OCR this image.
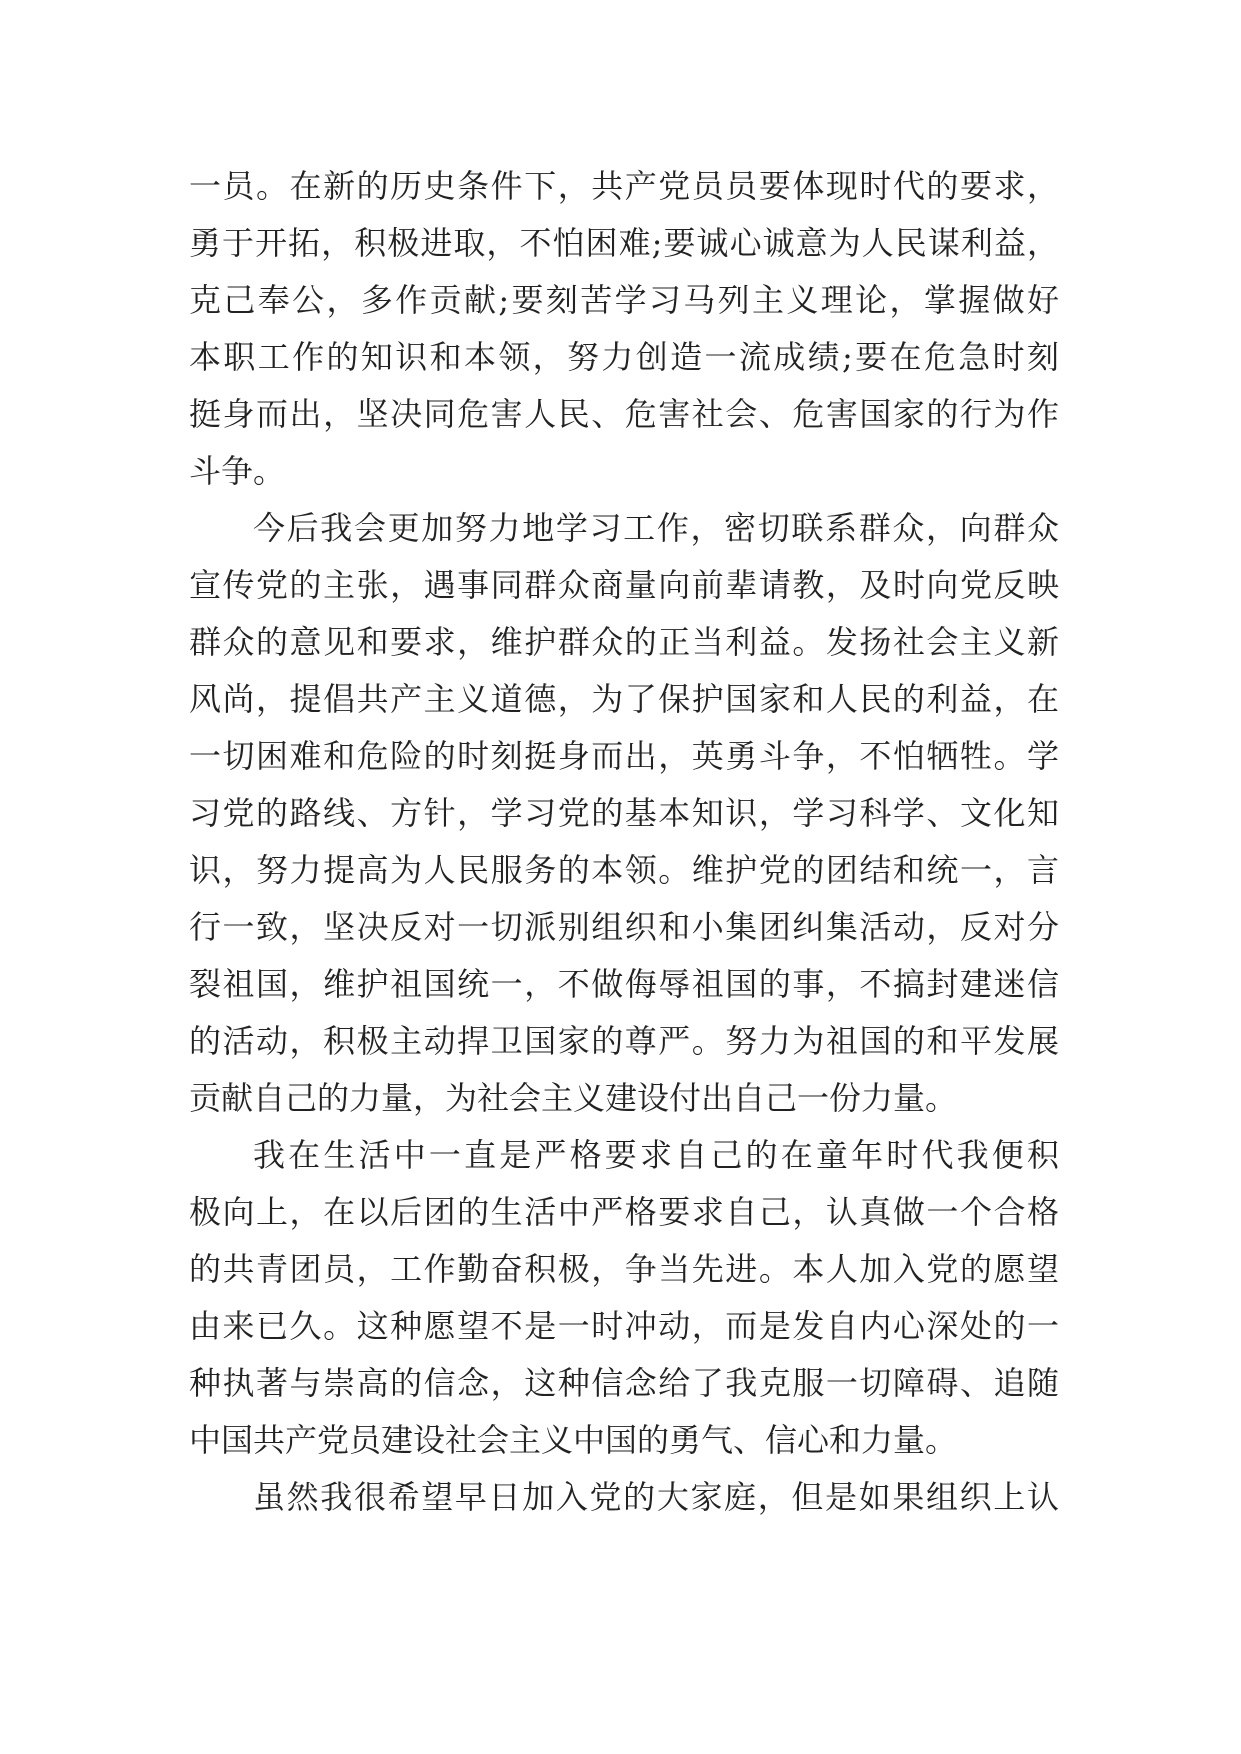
一员。在新的历史条件下，共产党员员要体现时代的要求，
勇于开拓，积极进取，不怕困难;要诚心诚意为人民谋利益，
克己奉公，多作贡献;要刻苦学习马列主义理论，掌握做好
本职工作的知识和本领，努力创造一流成绩;要在危急时刻
挺身而出，坚决同危害人民、危害社会、危害国家的行为作
斗争。
今后我会更加努力地学习工作，密切联系群众，向群众
宣传党的主张，遇事同群众商量向前辈请教，及时向党反映
群众的意见和要求，维护群众的正当利益。发扬社会主义新
风尚，提倡共产主义道德，为了保护国家和人民的利益，在
一切困难和危险的时刻挺身而出，英勇斗争，不怕牺牲。学
习党的路线、方针，学习党的基本知识，学习科学、文化知
识，努力提高为人民服务的本领。维护党的团结和统一，言
行一致，坚决反对一切派别组织和小集团纠集活动，反对分
裂祖国，维护祖国统一，不做侮辱祖国的事，不搞封建迷信
的活动，积极主动捍卫国家的尊严。努力为祖国的和平发展
贡献自己的力量，为社会主义建设付出自己一份力量。
我在生活中一直是严格要求自己的在童年时代我便积
极向上，在以后团的生活中严格要求自己，认真做一个合格
的共青团员，工作勤奋积极，争当先进。本人加入党的愿望
由来已久。这种愿望不是一时冲动，而是发自内心深处的一
种执著与崇高的信念，这种信念给了我克服一切障碍、追随
中国共产党员建设社会主义中国的勇气、信心和力量。
虽然我很希望早日加入党的大家庭，但是如果组织上认
